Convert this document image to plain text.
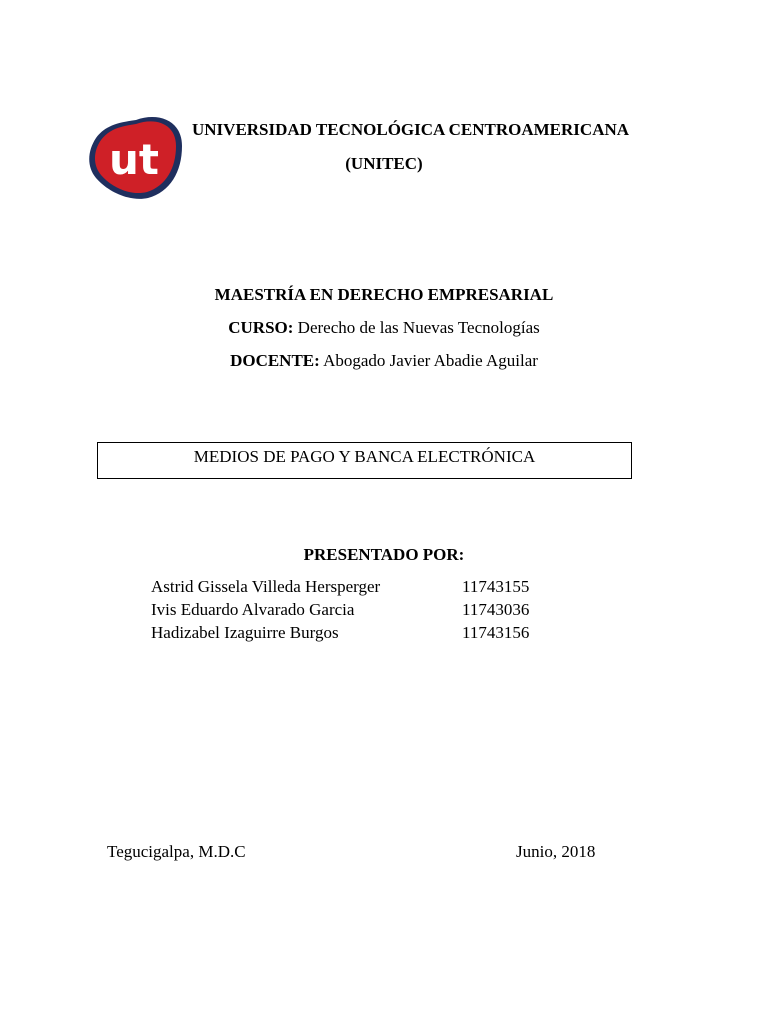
ut
UNIVERSIDAD TECNOLÓGICA CENTROAMERICANA
(UNITEC)
MAESTRÍA EN DERECHO EMPRESARIAL
CURSO: Derecho de las Nuevas Tecnologías
DOCENTE: Abogado Javier Abadie Aguilar
MEDIOS DE PAGO Y BANCA ELECTRÓNICA
PRESENTADO POR:
Astrid Gissela Villeda Hersperger	11743155
Ivis Eduardo Alvarado Garcia	11743036
Hadizabel Izaguirre Burgos	11743156
Tegucigalpa, M.D.C	Junio, 2018
